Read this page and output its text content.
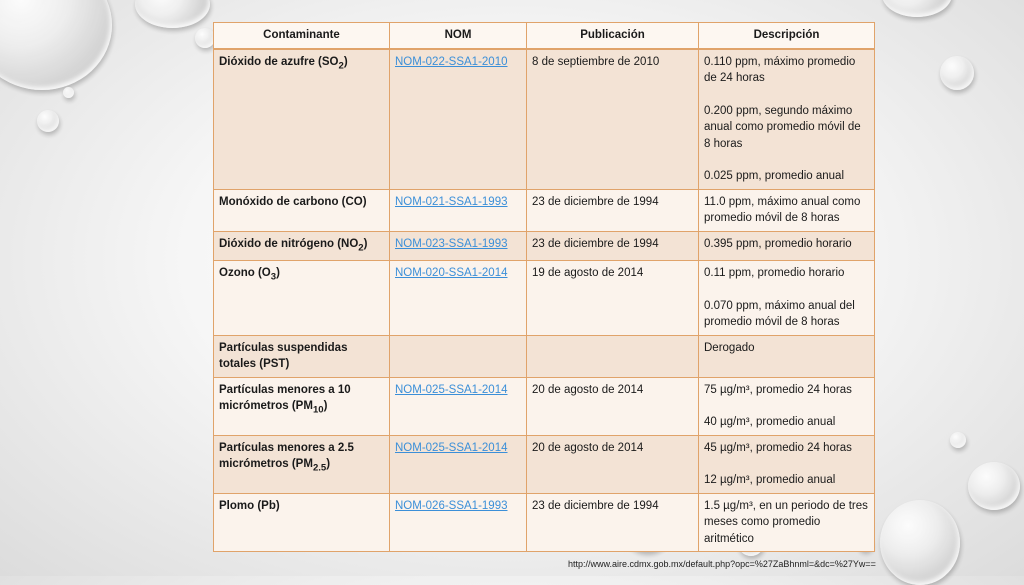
Contaminante	NOM	Publicación	Descripción
Dióxido de azufre $(SO_2)$	NOM-022-SSA1-2010	8 de septiembre de 2010	0.110 ppm, máximo promedio de 24 horas

0.200 ppm, segundo máximo anual como promedio móvil de 8 horas

0.025 ppm, promedio anual

Monóxido de carbono (CO)	NOM-021-SSA1-1993	23 de diciembre de 1994	11.0 ppm, máximo anual como promedio móvil de 8 horas

Dióxido de nitrógeno $(NO_2)$	NOM-023-SSA1-1993	23 de diciembre de 1994	0.395 ppm, promedio horario

Ozono $(O_3)$	NOM-020-SSA1-2014	19 de agosto de 2014	0.11 ppm, promedio horario

0.070 ppm, máximo anual del promedio móvil de 8 horas

Partículas suspendidas totales (PST)			Derogado

Partículas menores a 10 micrómetros $(PM_{10})$	NOM-025-SSA1-2014	20 de agosto de 2014	75 µg/m³, promedio 24 horas

40 µg/m³, promedio anual

Partículas menores a 2.5 micrómetros $(PM_{2.5})$	NOM-025-SSA1-2014	20 de agosto de 2014	45 µg/m³, promedio 24 horas

12 µg/m³, promedio anual

Plomo (Pb)	NOM-026-SSA1-1993	23 de diciembre de 1994	1.5 µg/m³, en un periodo de tres meses como promedio aritmético

http://www.aire.cdmx.gob.mx/default.php?opc=%27ZaBhnml=&dc=%27Yw==
